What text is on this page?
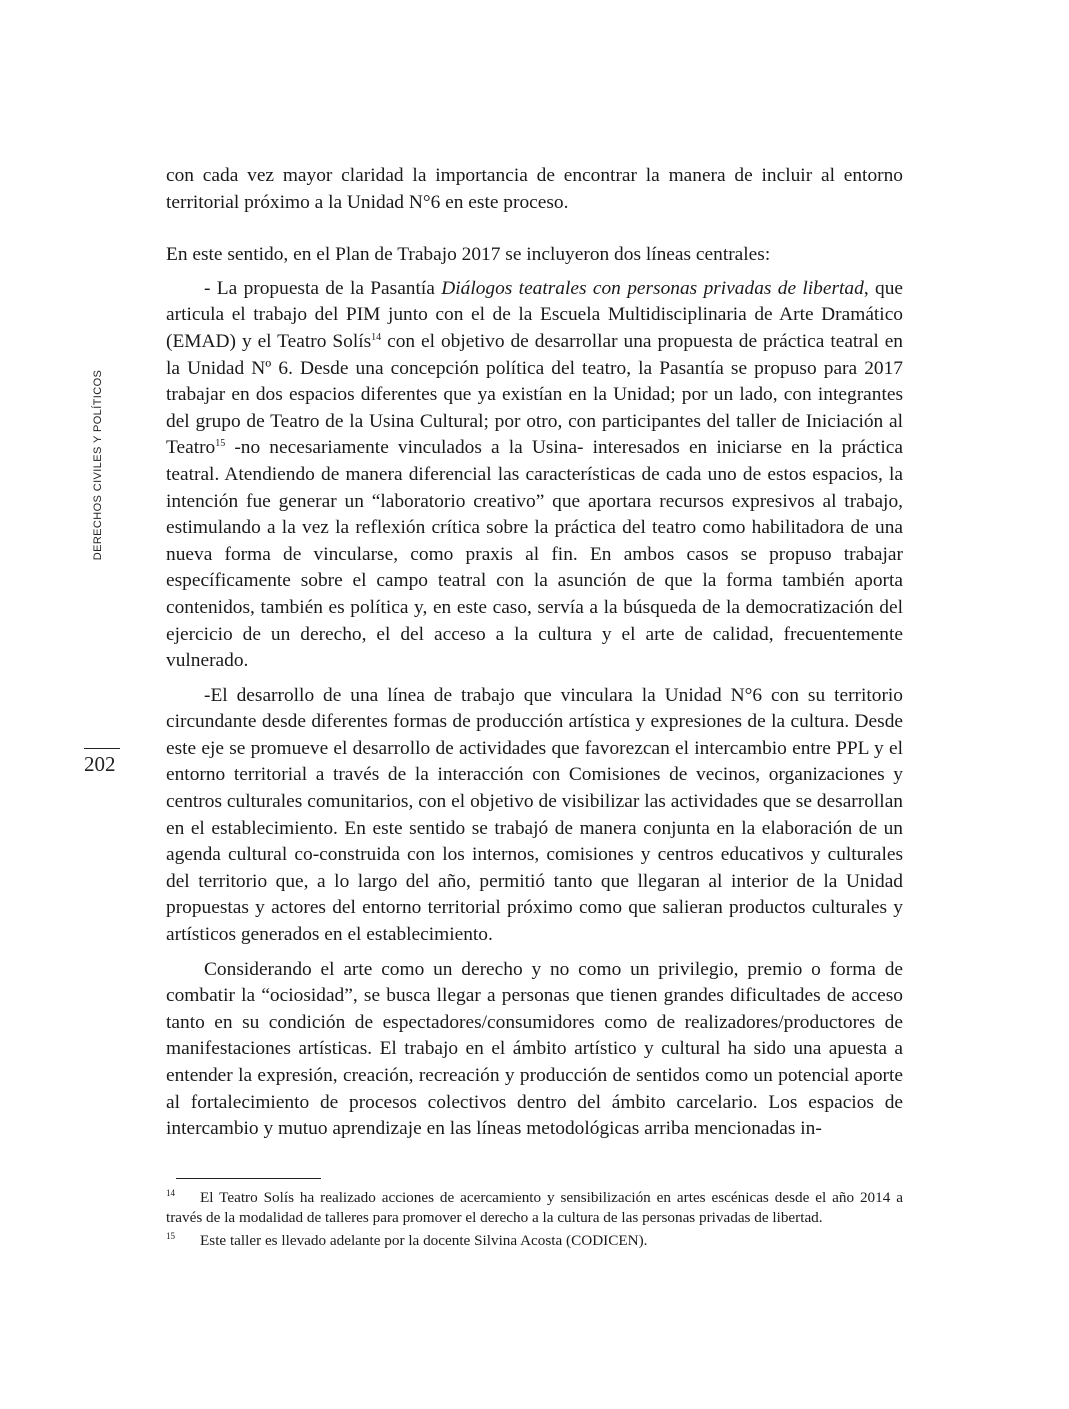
DERECHOS CIVILES Y POLÍTICOS
202

con cada vez mayor claridad la importancia de encontrar la manera de incluir al entorno territorial próximo a la Unidad N°6 en este proceso.

En este sentido, en el Plan de Trabajo 2017 se incluyeron dos líneas centrales:

- La propuesta de la Pasantía Diálogos teatrales con personas privadas de libertad, que articula el trabajo del PIM junto con el de la Escuela Multidisciplinaria de Arte Dramático (EMAD) y el Teatro Solís$^{14}$ con el objetivo de desarrollar una propuesta de práctica teatral en la Unidad Nº 6. Desde una concepción política del teatro, la Pasantía se propuso para 2017 trabajar en dos espacios diferentes que ya existían en la Unidad; por un lado, con integrantes del grupo de Teatro de la Usina Cultural; por otro, con participantes del taller de Iniciación al Teatro$^{15}$ -no necesariamente vinculados a la Usina- interesados en iniciarse en la práctica teatral. Atendiendo de manera diferencial las características de cada uno de estos espacios, la intención fue generar un “laboratorio creativo” que aportara recursos expresivos al trabajo, estimulando a la vez la reflexión crítica sobre la práctica del teatro como habilitadora de una nueva forma de vincularse, como praxis al fin. En ambos casos se propuso trabajar específicamente sobre el campo teatral con la asunción de que la forma también aporta contenidos, también es política y, en este caso, servía a la búsqueda de la democratización del ejercicio de un derecho, el del acceso a la cultura y el arte de calidad, frecuentemente vulnerado.

-El desarrollo de una línea de trabajo que vinculara la Unidad N°6 con su territorio circundante desde diferentes formas de producción artística y expresiones de la cultura. Desde este eje se promueve el desarrollo de actividades que favorezcan el intercambio entre PPL y el entorno territorial a través de la interacción con Comisiones de vecinos, organizaciones y centros culturales comunitarios, con el objetivo de visibilizar las actividades que se desarrollan en el establecimiento. En este sentido se trabajó de manera conjunta en la elaboración de un agenda cultural co-construida con los internos, comisiones y centros educativos y culturales del territorio que, a lo largo del año, permitió tanto que llegaran al interior de la Unidad propuestas y actores del entorno territorial próximo como que salieran productos culturales y artísticos generados en el establecimiento.

Considerando el arte como un derecho y no como un privilegio, premio o forma de combatir la “ociosidad”, se busca llegar a personas que tienen grandes dificultades de acceso tanto en su condición de espectadores/consumidores como de realizadores/productores de manifestaciones artísticas. El trabajo en el ámbito artístico y cultural ha sido una apuesta a entender la expresión, creación, recreación y producción de sentidos como un potencial aporte al fortalecimiento de procesos colectivos dentro del ámbito carcelario. Los espacios de intercambio y mutuo aprendizaje en las líneas metodológicas arriba mencionadas in-

14 El Teatro Solís ha realizado acciones de acercamiento y sensibilización en artes escénicas desde el año 2014 a través de la modalidad de talleres para promover el derecho a la cultura de las personas privadas de libertad.

15 Este taller es llevado adelante por la docente Silvina Acosta (CODICEN).
